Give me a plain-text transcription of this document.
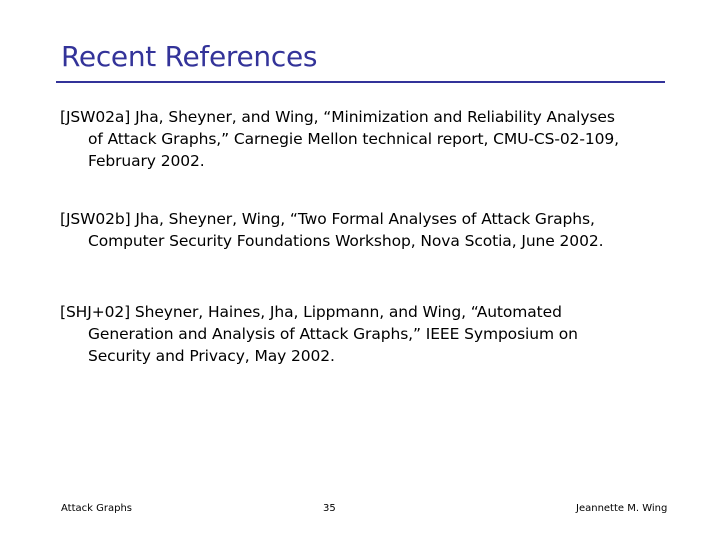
Recent References
[JSW02a] Jha, Sheyner, and Wing, “Minimization and Reliability Analyses
of Attack Graphs,” Carnegie Mellon technical report, CMU-CS-02-109,
February 2002.
[JSW02b] Jha, Sheyner, Wing, “Two Formal Analyses of Attack Graphs,
Computer Security Foundations Workshop, Nova Scotia, June 2002.
[SHJ+02] Sheyner, Haines, Jha, Lippmann, and Wing, “Automated
Generation and Analysis of Attack Graphs,” IEEE Symposium on
Security and Privacy, May 2002.
Attack Graphs	35	Jeannette M. Wing
